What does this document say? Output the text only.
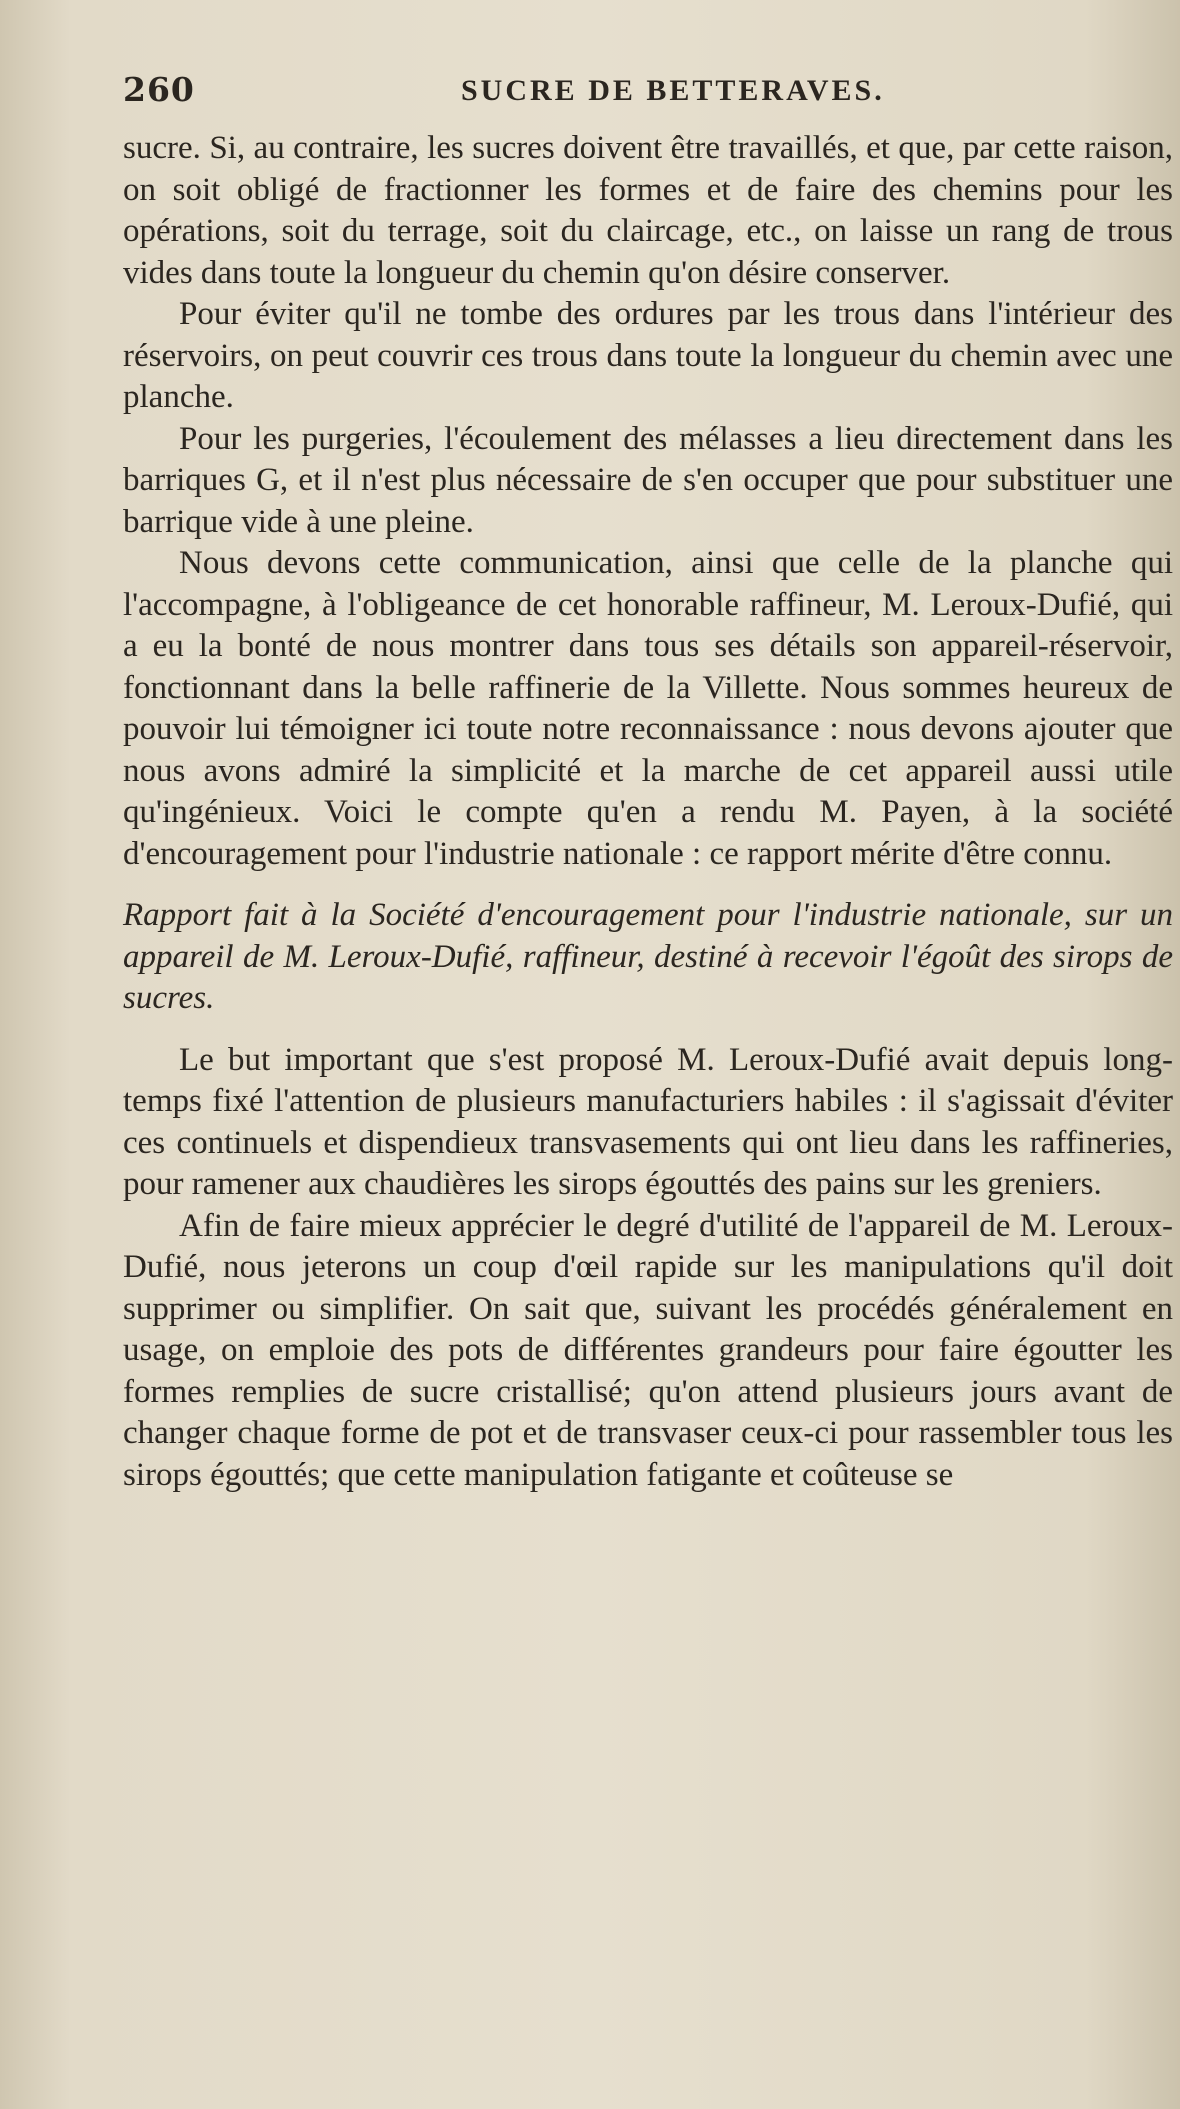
260	SUCRE DE BETTERAVES.

sucre. Si, au contraire, les sucres doivent être travaillés, et que, par cette raison, on soit obligé de fractionner les formes et de faire des chemins pour les opérations, soit du terrage, soit du claircage, etc., on laisse un rang de trous vides dans toute la longueur du chemin qu'on désire conserver.

Pour éviter qu'il ne tombe des ordures par les trous dans l'intérieur des réservoirs, on peut couvrir ces trous dans toute la longueur du chemin avec une planche.

Pour les purgeries, l'écoulement des mélasses a lieu directement dans les barriques G, et il n'est plus nécessaire de s'en occuper que pour substituer une barrique vide à une pleine.

Nous devons cette communication, ainsi que celle de la planche qui l'accompagne, à l'obligeance de cet honorable raffineur, M. Leroux-Dufié, qui a eu la bonté de nous montrer dans tous ses détails son appareil-réservoir, fonctionnant dans la belle raffinerie de la Villette. Nous sommes heureux de pouvoir lui témoigner ici toute notre reconnaissance : nous devons ajouter que nous avons admiré la simplicité et la marche de cet appareil aussi utile qu'ingénieux. Voici le compte qu'en a rendu M. Payen, à la société d'encouragement pour l'industrie nationale : ce rapport mérite d'être connu.

Rapport fait à la Société d'encouragement pour l'industrie nationale, sur un appareil de M. Leroux-Dufié, raffineur, destiné à recevoir l'égoût des sirops de sucres.

Le but important que s'est proposé M. Leroux-Dufié avait depuis long-temps fixé l'attention de plusieurs manufacturiers habiles : il s'agissait d'éviter ces continuels et dispendieux transvasements qui ont lieu dans les raffineries, pour ramener aux chaudières les sirops égouttés des pains sur les greniers.

Afin de faire mieux apprécier le degré d'utilité de l'appareil de M. Leroux-Dufié, nous jeterons un coup d'œil rapide sur les manipulations qu'il doit supprimer ou simplifier. On sait que, suivant les procédés généralement en usage, on emploie des pots de différentes grandeurs pour faire égoutter les formes remplies de sucre cristallisé; qu'on attend plusieurs jours avant de changer chaque forme de pot et de transvaser ceux-ci pour rassembler tous les sirops égouttés; que cette manipulation fatigante et coûteuse se
